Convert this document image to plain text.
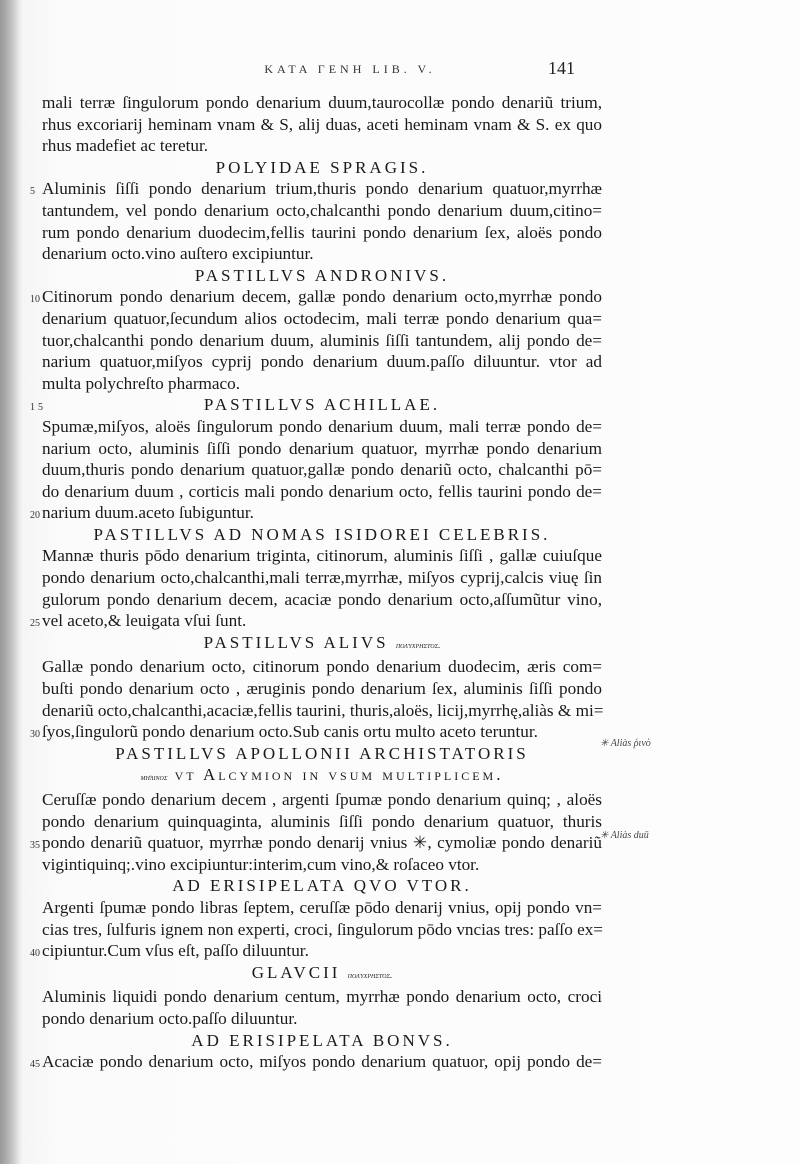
KATA ΓΕΝΗ LIB. V.	141
mali terræ ſingulorum pondo denarium duum,taurocollæ pondo denariũ trium,
rhus excoriarij heminam vnam & S, alij duas, aceti heminam vnam & S. ex quo
rhus madefiet ac teretur.
POLYIDAE SPRAGIS.
Aluminis ſiſſi pondo denarium trium,thuris pondo denarium quatuor,myrrhæ
5
tantundem, vel pondo denarium octo,chalcanthi pondo denarium duum,citino=
rum pondo denarium duodecim,fellis taurini pondo denarium ſex, aloës pondo
denarium octo.vino auſtero excipiuntur.
PASTILLVS ANDRONIVS.
Citinorum pondo denarium decem, gallæ pondo denarium octo,myrrhæ pondo
10
denarium quatuor,ſecundum alios octodecim, mali terræ pondo denarium qua=
tuor,chalcanthi pondo denarium duum, aluminis ſiſſi tantundem, alij pondo de=
narium quatuor,miſyos cyprij pondo denarium duum.paſſo diluuntur. vtor ad
multa polychreſto pharmaco.
PASTILLVS ACHILLAE.
15
Spumæ,miſyos, aloës ſingulorum pondo denarium duum, mali terræ pondo de=
narium octo, aluminis ſiſſi pondo denarium quatuor, myrrhæ pondo denarium
duum,thuris pondo denarium quatuor,gallæ pondo denariũ octo, chalcanthi pō=
do denarium duum , corticis mali pondo denarium octo, fellis taurini pondo de=
narium duum.aceto ſubiguntur.
20
PASTILLVS AD NOMAS ISIDOREI CELEBRIS.
Mannæ thuris pōdo denarium triginta, citinorum, aluminis ſiſſi , gallæ cuiuſque
pondo denarium octo,chalcanthi,mali terræ,myrrhæ, miſyos cyprij,calcis viuę ſin
gulorum pondo denarium decem, acaciæ pondo denarium octo,aſſumũtur vino,
vel aceto,& leuigata vſui ſunt.
25
PASTILLVS ALIVS πολύχρηστος.
Gallæ pondo denarium octo, citinorum pondo denarium duodecim, æris com=
buſti pondo denarium octo , æruginis pondo denarium ſex, aluminis ſiſſi pondo
denariũ octo,chalcanthi,acaciæ,fellis taurini, thuris,aloës, licij,myrrhę,aliàs & mi=
ſyos,ſingulorũ pondo denarium octo.Sub canis ortu multo aceto teruntur.
30
PASTILLVS APOLLONII ARCHISTATORIS
μῆλινος vt Alcymion in vſum multiplicem.
Ceruſſæ pondo denarium decem , argenti ſpumæ pondo denarium quinq; , aloës
pondo denarium quinquaginta, aluminis ſiſſi pondo denarium quatuor, thuris
pondo denariũ quatuor, myrrhæ pondo denarij vnius ✳, cymoliæ pondo denariũ
35
vigintiquinq;.vino excipiuntur:interim,cum vino,& roſaceo vtor.
AD ERISIPELATA QVO VTOR.
Argenti ſpumæ pondo libras ſeptem, ceruſſæ pōdo denarij vnius, opij pondo vn=
cias tres, ſulfuris ignem non experti, croci, ſingulorum pōdo vncias tres: paſſo ex=
cipiuntur.Cum vſus eſt, paſſo diluuntur.
40
GLAVCII πολύχρηστος.
Aluminis liquidi pondo denarium centum, myrrhæ pondo denarium octo, croci
pondo denarium octo.paſſo diluuntur.
AD ERISIPELATA BONVS.
Acaciæ pondo denarium octo, miſyos pondo denarium quatuor, opij pondo de=
45
✳ Aliàs ῥινὸ
✳ Aliàs duū
